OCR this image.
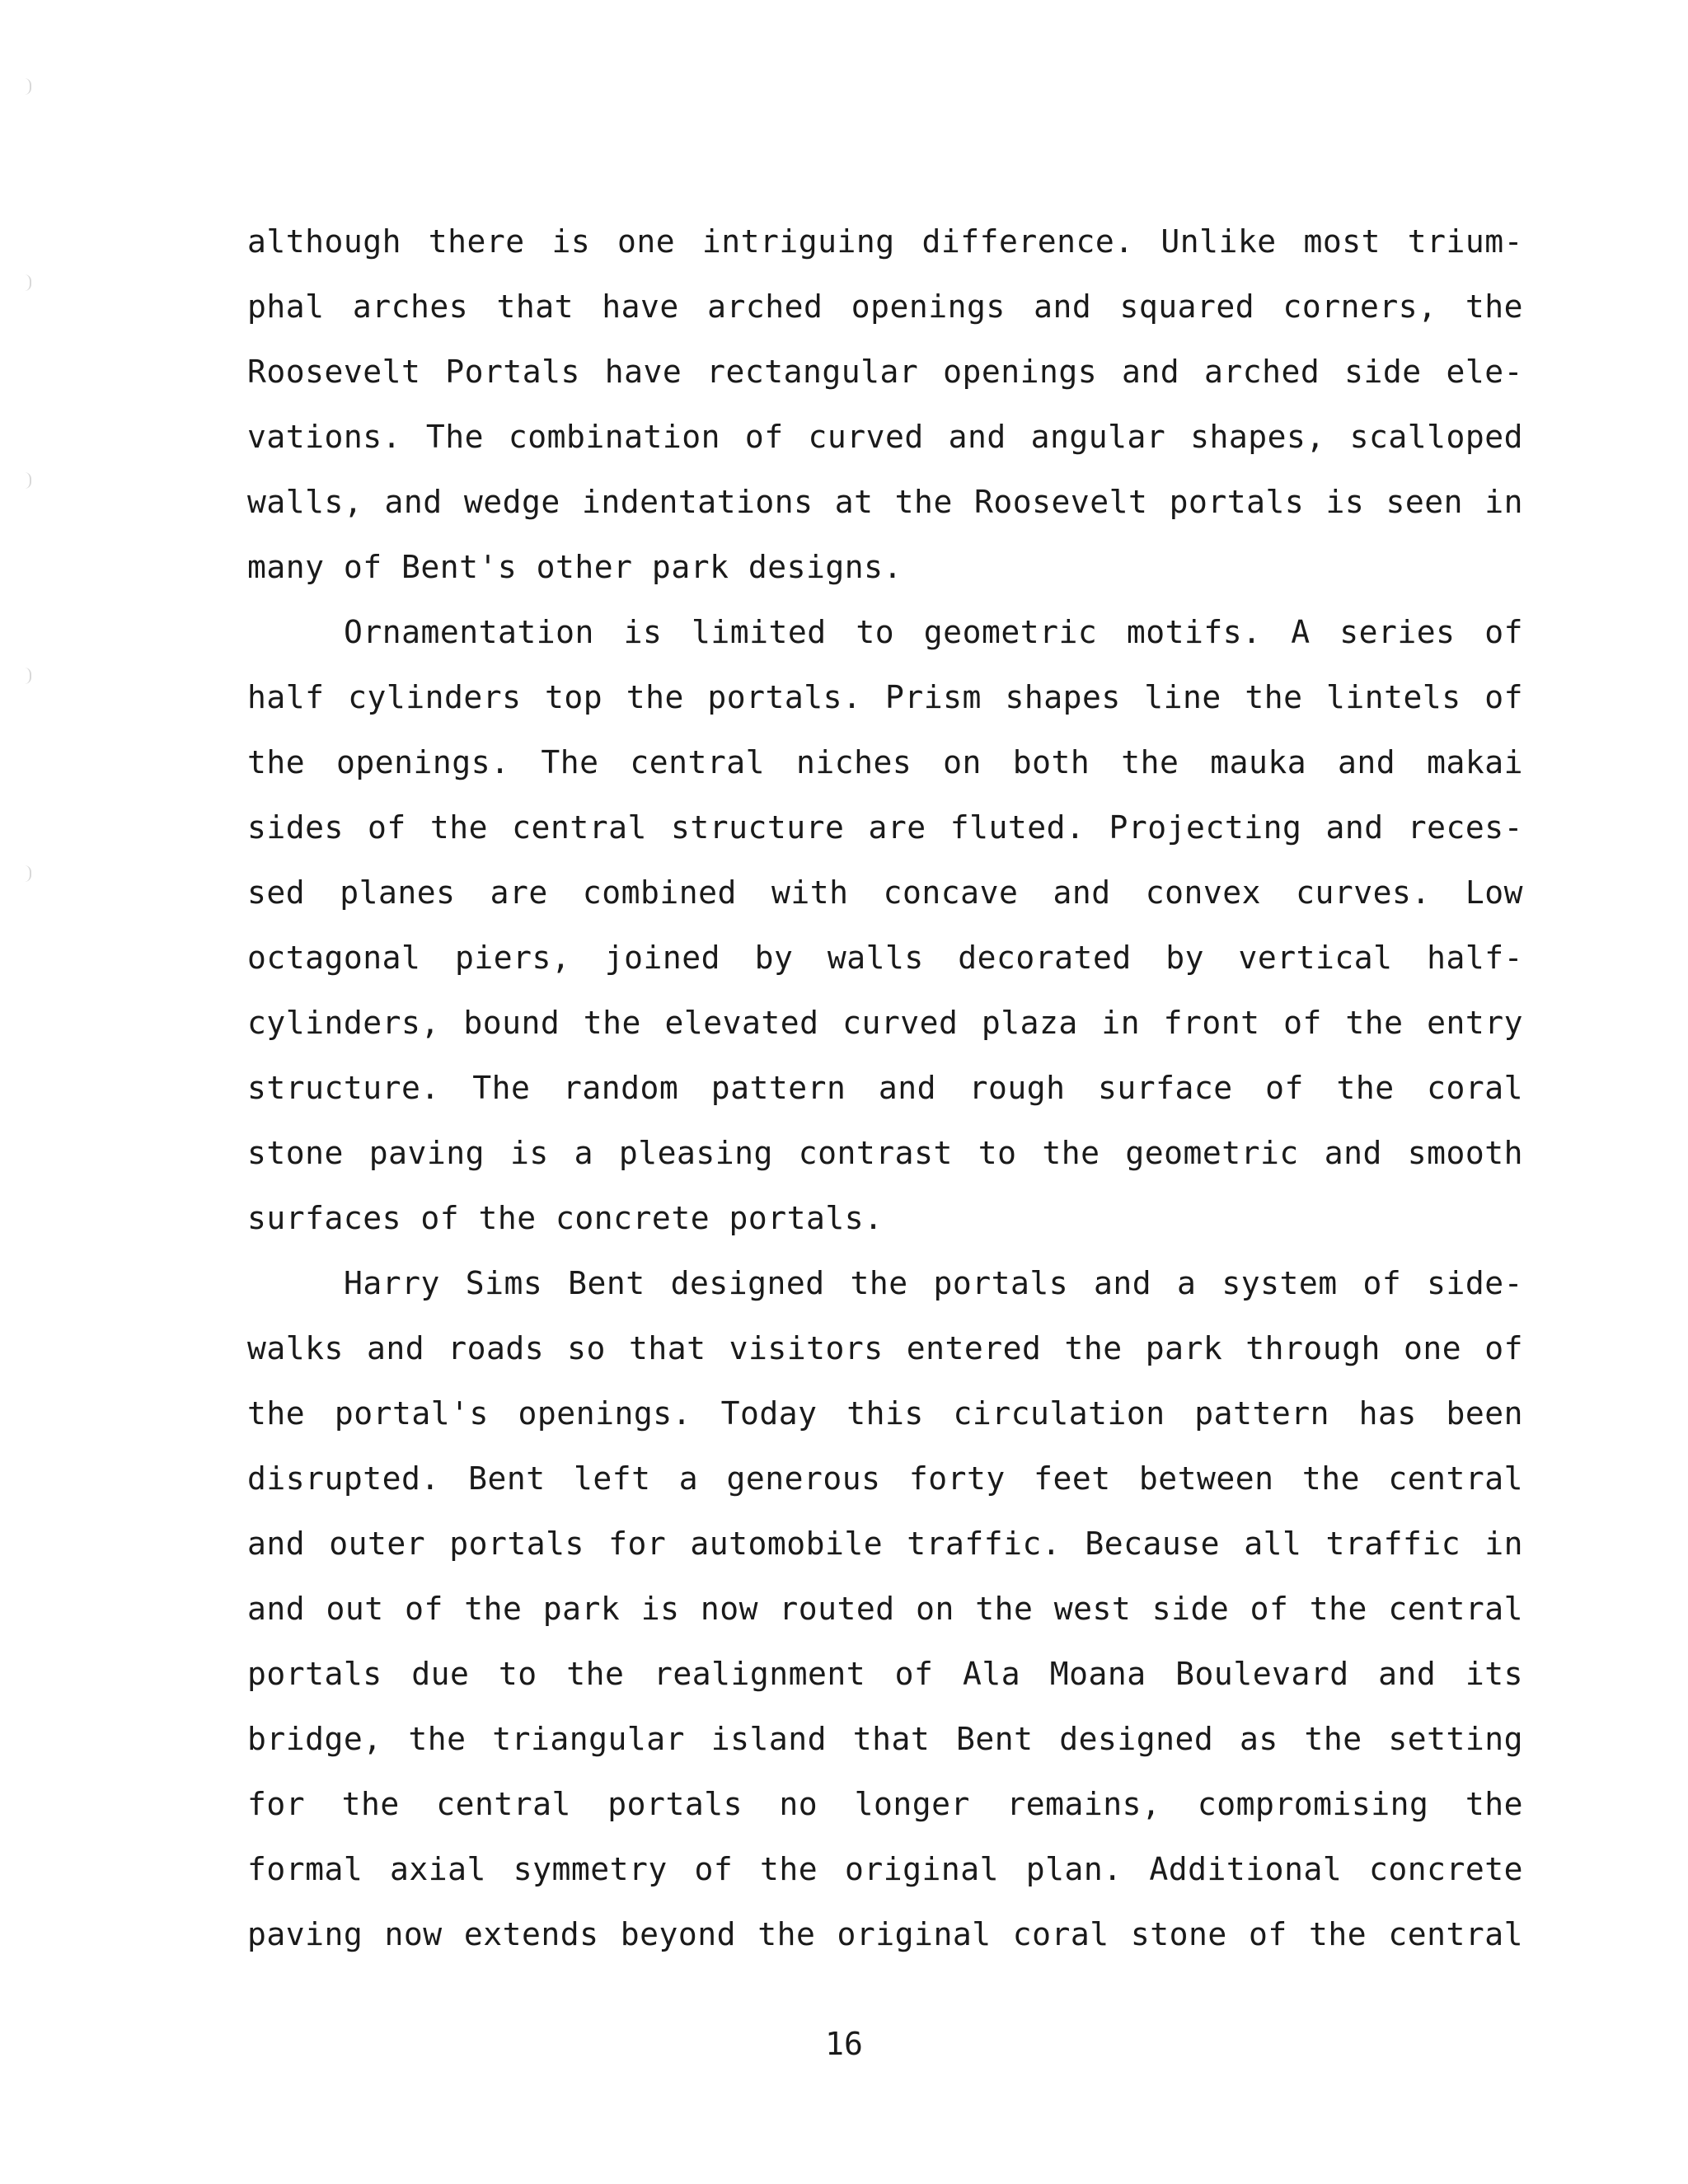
although there is one intriguing difference. Unlike most trium-
phal arches that have arched openings and squared corners, the
Roosevelt Portals have rectangular openings and arched side ele-
vations. The combination of curved and angular shapes, scalloped
walls, and wedge indentations at the Roosevelt portals is seen in
many of Bent's other park designs.
Ornamentation is limited to geometric motifs. A series of
half cylinders top the portals. Prism shapes line the lintels of
the openings. The central niches on both the mauka and makai
sides of the central structure are fluted. Projecting and reces-
sed planes are combined with concave and convex curves. Low
octagonal piers, joined by walls decorated by vertical half-
cylinders, bound the elevated curved plaza in front of the entry
structure. The random pattern and rough surface of the coral
stone paving is a pleasing contrast to the geometric and smooth
surfaces of the concrete portals.
Harry Sims Bent designed the portals and a system of side-
walks and roads so that visitors entered the park through one of
the portal's openings. Today this circulation pattern has been
disrupted. Bent left a generous forty feet between the central
and outer portals for automobile traffic. Because all traffic in
and out of the park is now routed on the west side of the central
portals due to the realignment of Ala Moana Boulevard and its
bridge, the triangular island that Bent designed as the setting
for the central portals no longer remains, compromising the
formal axial symmetry of the original plan. Additional concrete
paving now extends beyond the original coral stone of the central
16
